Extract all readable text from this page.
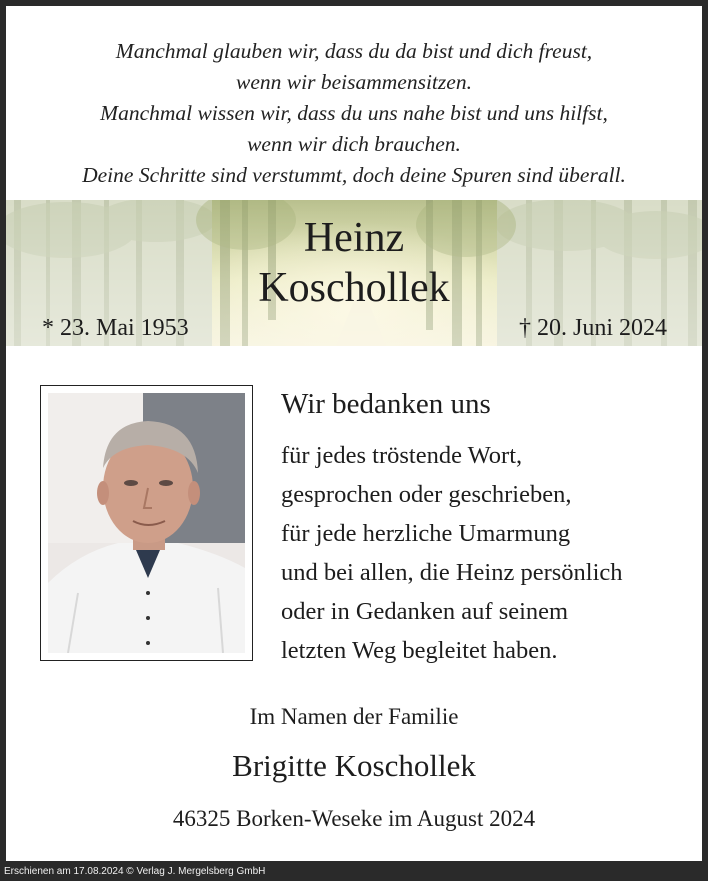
Manchmal glauben wir, dass du da bist und dich freust,
wenn wir beisammensitzen.
Manchmal wissen wir, dass du uns nahe bist und uns hilfst,
wenn wir dich brauchen.
Deine Schritte sind verstummt, doch deine Spuren sind überall.
Heinz
Koschollek
* 23. Mai 1953	† 20. Juni 2024
Wir bedanken uns
für jedes tröstende Wort,
gesprochen oder geschrieben,
für jede herzliche Umarmung
und bei allen, die Heinz persönlich
oder in Gedanken auf seinem
letzten Weg begleitet haben.
Im Namen der Familie
Brigitte Koschollek
46325 Borken-Weseke im August 2024
Erschienen am 17.08.2024 © Verlag J. Mergelsberg GmbH
